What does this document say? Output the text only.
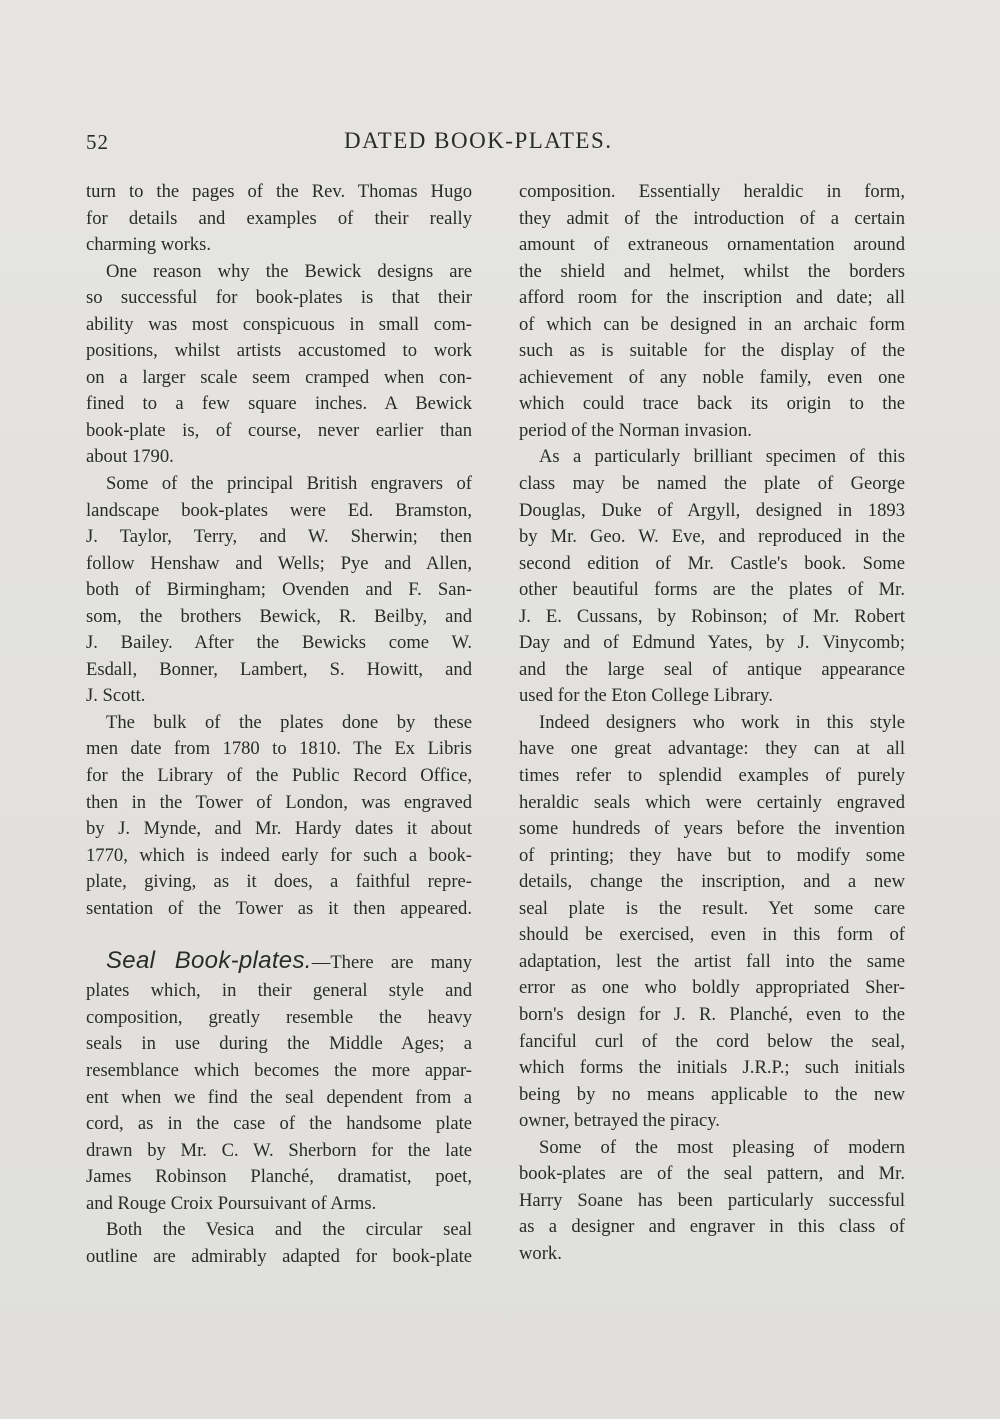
52	DATED BOOK-PLATES.
turn to the pages of the Rev. Thomas Hugo
for details and examples of their really
charming works.
One reason why the Bewick designs are
so successful for book-plates is that their
ability was most conspicuous in small com-
positions, whilst artists accustomed to work
on a larger scale seem cramped when con-
fined to a few square inches. A Bewick
book-plate is, of course, never earlier than
about 1790.
Some of the principal British engravers of
landscape book-plates were Ed. Bramston,
J. Taylor, Terry, and W. Sherwin; then
follow Henshaw and Wells; Pye and Allen,
both of Birmingham; Ovenden and F. San-
som, the brothers Bewick, R. Beilby, and
J. Bailey. After the Bewicks come W.
Esdall, Bonner, Lambert, S. Howitt, and
J. Scott.
The bulk of the plates done by these
men date from 1780 to 1810. The Ex Libris
for the Library of the Public Record Office,
then in the Tower of London, was engraved
by J. Mynde, and Mr. Hardy dates it about
1770, which is indeed early for such a book-
plate, giving, as it does, a faithful repre-
sentation of the Tower as it then appeared.
Seal Book-plates.—There are many
plates which, in their general style and
composition, greatly resemble the heavy
seals in use during the Middle Ages; a
resemblance which becomes the more appar-
ent when we find the seal dependent from a
cord, as in the case of the handsome plate
drawn by Mr. C. W. Sherborn for the late
James Robinson Planché, dramatist, poet,
and Rouge Croix Poursuivant of Arms.
Both the Vesica and the circular seal
outline are admirably adapted for book-plate
composition. Essentially heraldic in form,
they admit of the introduction of a certain
amount of extraneous ornamentation around
the shield and helmet, whilst the borders
afford room for the inscription and date; all
of which can be designed in an archaic form
such as is suitable for the display of the
achievement of any noble family, even one
which could trace back its origin to the
period of the Norman invasion.
As a particularly brilliant specimen of this
class may be named the plate of George
Douglas, Duke of Argyll, designed in 1893
by Mr. Geo. W. Eve, and reproduced in the
second edition of Mr. Castle's book. Some
other beautiful forms are the plates of Mr.
J. E. Cussans, by Robinson; of Mr. Robert
Day and of Edmund Yates, by J. Vinycomb;
and the large seal of antique appearance
used for the Eton College Library.
Indeed designers who work in this style
have one great advantage: they can at all
times refer to splendid examples of purely
heraldic seals which were certainly engraved
some hundreds of years before the invention
of printing; they have but to modify some
details, change the inscription, and a new
seal plate is the result. Yet some care
should be exercised, even in this form of
adaptation, lest the artist fall into the same
error as one who boldly appropriated Sher-
born's design for J. R. Planché, even to the
fanciful curl of the cord below the seal,
which forms the initials J.R.P.; such initials
being by no means applicable to the new
owner, betrayed the piracy.
Some of the most pleasing of modern
book-plates are of the seal pattern, and Mr.
Harry Soane has been particularly successful
as a designer and engraver in this class of
work.
